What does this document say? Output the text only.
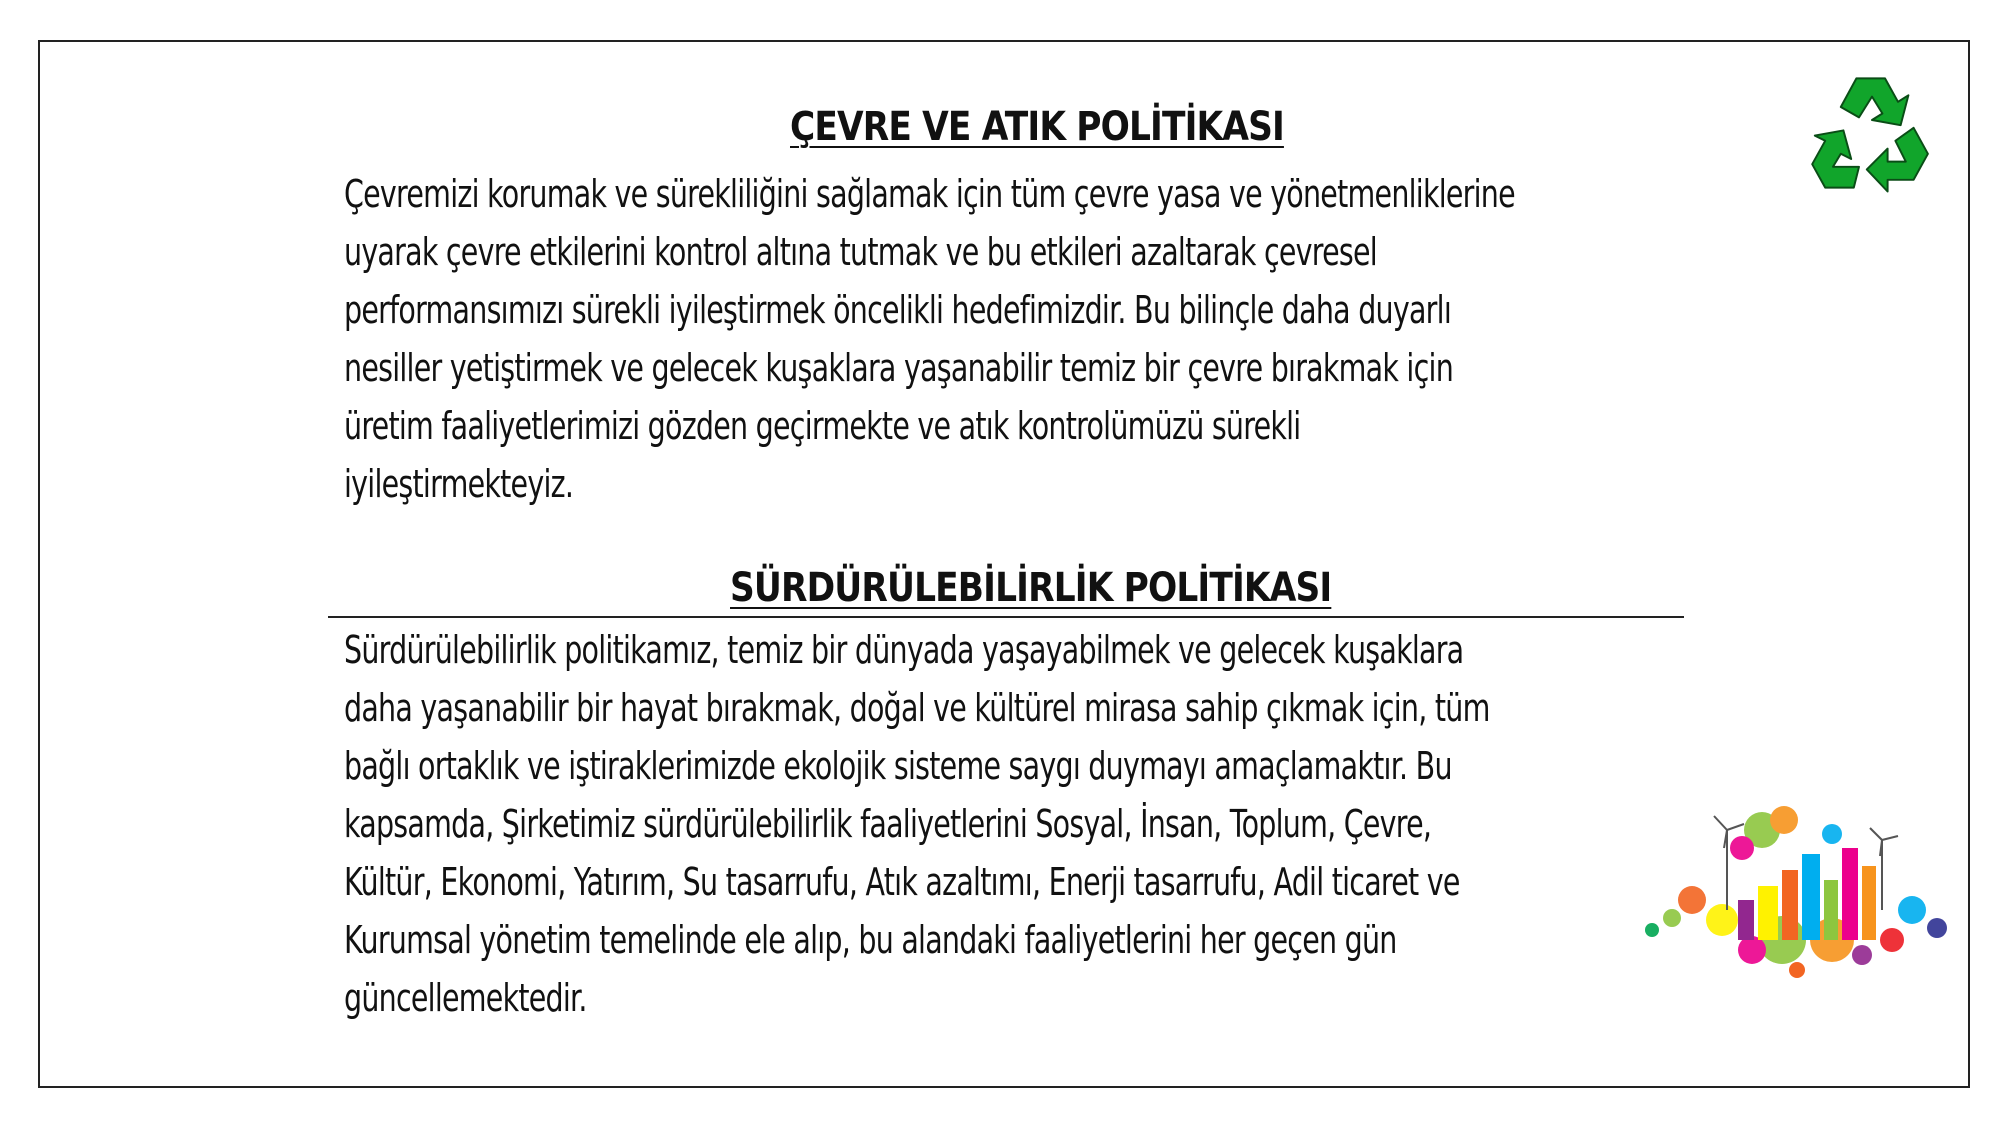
ÇEVRE VE ATIK POLİTİKASI
Çevremizi korumak ve sürekliliğini sağlamak için tüm çevre yasa ve yönetmenliklerine
uyarak çevre etkilerini kontrol altına tutmak ve bu etkileri azaltarak çevresel
performansımızı sürekli iyileştirmek öncelikli hedefimizdir. Bu bilinçle daha duyarlı
nesiller yetiştirmek ve gelecek kuşaklara yaşanabilir temiz bir çevre bırakmak için
üretim faaliyetlerimizi gözden geçirmekte ve atık kontrolümüzü sürekli
iyileştirmekteyiz.
SÜRDÜRÜLEBİLİRLİK POLİTİKASI
Sürdürülebilirlik politikamız, temiz bir dünyada yaşayabilmek ve gelecek kuşaklara
daha yaşanabilir bir hayat bırakmak, doğal ve kültürel mirasa sahip çıkmak için, tüm
bağlı ortaklık ve iştiraklerimizde ekolojik sisteme saygı duymayı amaçlamaktır. Bu
kapsamda, Şirketimiz sürdürülebilirlik faaliyetlerini Sosyal, İnsan, Toplum, Çevre,
Kültür, Ekonomi, Yatırım, Su tasarrufu, Atık azaltımı, Enerji tasarrufu, Adil ticaret ve
Kurumsal yönetim temelinde ele alıp, bu alandaki faaliyetlerini her geçen gün
güncellemektedir.
